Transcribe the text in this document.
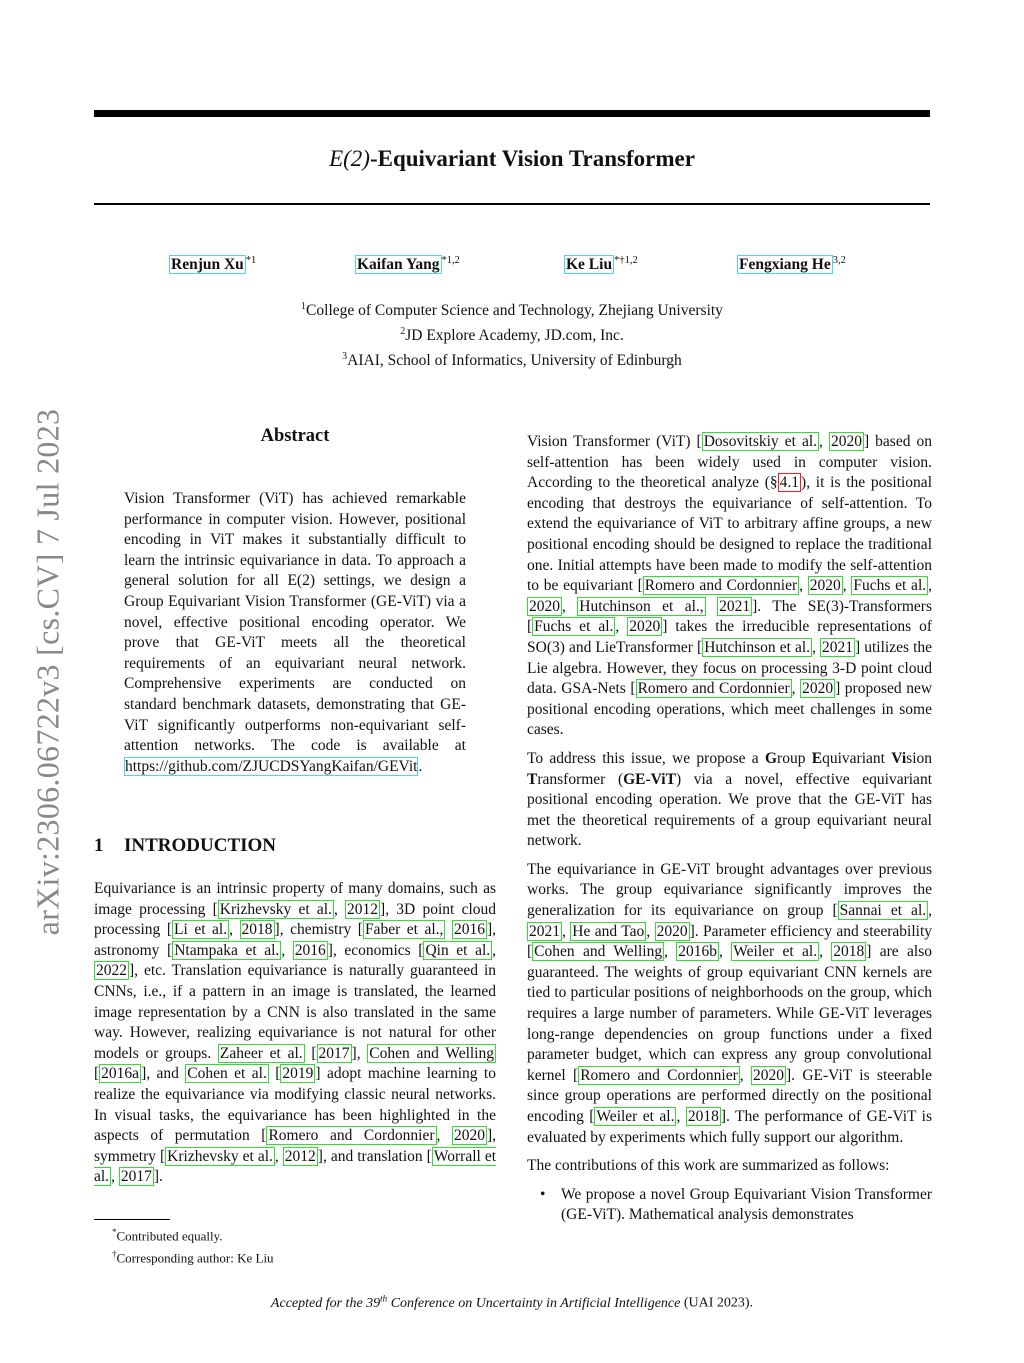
E(2)-Equivariant Vision Transformer
Renjun Xu $^{*1}$	Kaifan Yang $^{*1,2}$	Ke Liu $^{*\dagger 1,2}$	Fengxiang He $^{3,2}$
$^1$College of Computer Science and Technology, Zhejiang University
$^2$JD Explore Academy, JD.com, Inc.
$^3$AIAI, School of Informatics, University of Edinburgh
arXiv:2306.06722v3 [cs.CV] 7 Jul 2023	Abstract
Vision Transformer (ViT) has achieved remarkable performance in computer vision. However, positional encoding in ViT makes it substantially difficult to learn the intrinsic equivariance in data. To approach a general solution for all E(2) settings, we design a Group Equivariant Vision Transformer (GE-ViT) via a novel, effective positional encoding operator. We prove that GE-ViT meets all the theoretical requirements of an equivariant neural network. Comprehensive experiments are conducted on standard benchmark datasets, demonstrating that GE-ViT significantly outperforms non-equivariant self-attention networks. The code is available at https://github.com/ZJUCDSYangKaifan/GEVit.
1 INTRODUCTION

Equivariance is an intrinsic property of many domains, such as image processing [ Krizhevsky et al. , 2012 ], 3D point cloud processing [ Li et al. , 2018 ], chemistry [ Faber et al., 2016 ], astronomy [ Ntampaka et al. , 2016 ], economics [ Qin et al. , 2022 ], etc. Translation equivariance is naturally guaranteed in CNNs, i.e., if a pattern in an image is translated, the learned image representation by a CNN is also translated in the same way. However, realizing equivariance is not natural for other models or groups. Zaheer et al. [ 2017 ], Cohen and Welling [ 2016a ], and Cohen et al. [ 2019 ] adopt machine learning to realize the equivariance via modifying classic neural networks. In visual tasks, the equivariance has been highlighted in the aspects of permutation [ Romero and Cordonnier , 2020 ], symmetry [ Krizhevsky et al. , 2012 ], and translation [ Worrall et al. , 2017 ].

Vision Transformer (ViT) [ Dosovitskiy et al. , 2020 ] based on self-attention has been widely used in computer vision. According to the theoretical analyze (§ 4.1 ), it is the positional encoding that destroys the equivariance of self-attention. To extend the equivariance of ViT to arbitrary affine groups, a new positional encoding should be designed to replace the traditional one. Initial attempts have been made to modify the self-attention to be equivariant [ Romero and Cordonnier , 2020 , Fuchs et al. , 2020 , Hutchinson et al., 2021 ]. The SE(3)-Transformers [ Fuchs et al. , 2020 ] takes the irreducible representations of SO(3) and LieTransformer [ Hutchinson et al. , 2021 ] utilizes the Lie algebra. However, they focus on processing 3-D point cloud data. GSA-Nets [ Romero and Cordonnier , 2020 ] proposed new positional encoding operations, which meet challenges in some cases.

To address this issue, we propose a Group Equivariant Vision Transformer (GE-ViT) via a novel, effective equivariant positional encoding operation. We prove that the GE-ViT has met the theoretical requirements of a group equivariant neural network.

The equivariance in GE-ViT brought advantages over previous works. The group equivariance significantly improves the generalization for its equivariance on group [ Sannai et al. , 2021 , He and Tao , 2020 ]. Parameter efficiency and steerability [ Cohen and Welling , 2016b , Weiler et al. , 2018 ] are also guaranteed. The weights of group equivariant CNN kernels are tied to particular positions of neighborhoods on the group, which requires a large number of parameters. While GE-ViT leverages long-range dependencies on group functions under a fixed parameter budget, which can express any group convolutional kernel [ Romero and Cordonnier , 2020 ]. GE-ViT is steerable since group operations are performed directly on the positional encoding [ Weiler et al. , 2018 ]. The performance of GE-ViT is evaluated by experiments which fully support our algorithm.

The contributions of this work are summarized as follows:

• We propose a novel Group Equivariant Vision Transformer (GE-ViT). Mathematical analysis demonstrates
*Contributed equally.
†Corresponding author: Ke Liu
Accepted for the 39th Conference on Uncertainty in Artificial Intelligence (UAI 2023).
